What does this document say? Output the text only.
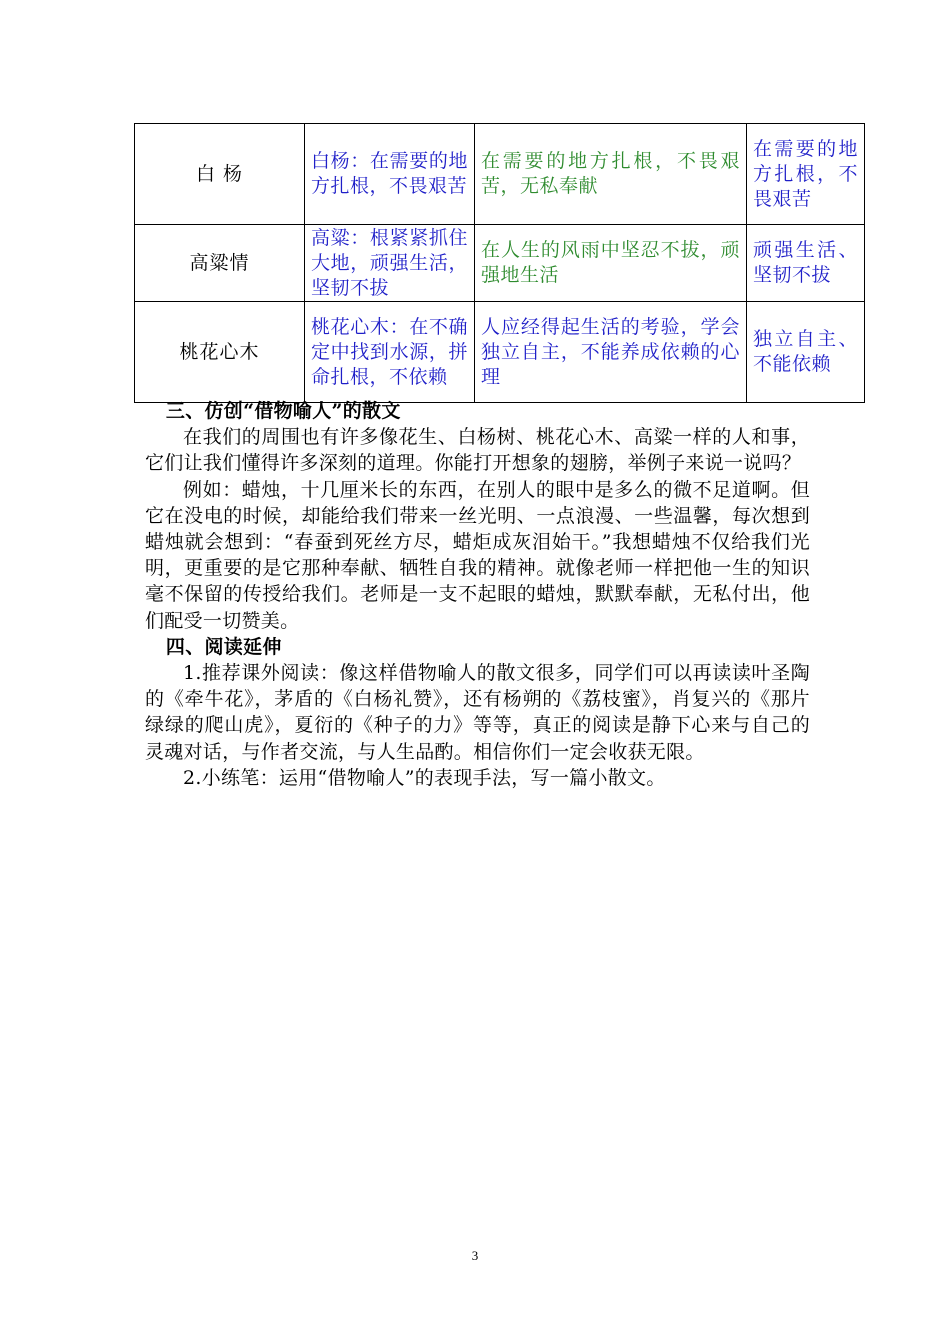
白 杨	白杨：在需要的地方扎根，不畏艰苦	在需要的地方扎根，不畏艰苦，无私奉献	在需要的地方扎根，不畏艰苦
高粱情	高粱：根紧紧抓住大地，顽强生活，坚韧不拔	在人生的风雨中坚忍不拔，顽强地生活	顽强生活、坚韧不拔
桃花心木	桃花心木：在不确定中找到水源，拼命扎根，不依赖	人应经得起生活的考验，学会独立自主，不能养成依赖的心理	独立自主、不能依赖
三、仿创“借物喻人”的散文

在我们的周围也有许多像花生、白杨树、桃花心木、高粱一样的人和事，它们让我们懂得许多深刻的道理。你能打开想象的翅膀，举例子来说一说吗？

例如：蜡烛，十几厘米长的东西，在别人的眼中是多么的微不足道啊。但它在没电的时候，却能给我们带来一丝光明、一点浪漫、一些温馨，每次想到蜡烛就会想到：“春蚕到死丝方尽，蜡炬成灰泪始干。”我想蜡烛不仅给我们光明，更重要的是它那种奉献、牺牲自我的精神。就像老师一样把他一生的知识毫不保留的传授给我们。老师是一支不起眼的蜡烛，默默奉献，无私付出，他们配受一切赞美。

四、阅读延伸

1.推荐课外阅读：像这样借物喻人的散文很多，同学们可以再读读叶圣陶的《牵牛花》，茅盾的《白杨礼赞》，还有杨朔的《荔枝蜜》，肖复兴的《那片绿绿的爬山虎》，夏衍的《种子的力》等等，真正的阅读是静下心来与自己的灵魂对话，与作者交流，与人生品酌。相信你们一定会收获无限。

2.小练笔：运用“借物喻人”的表现手法，写一篇小散文。

3
